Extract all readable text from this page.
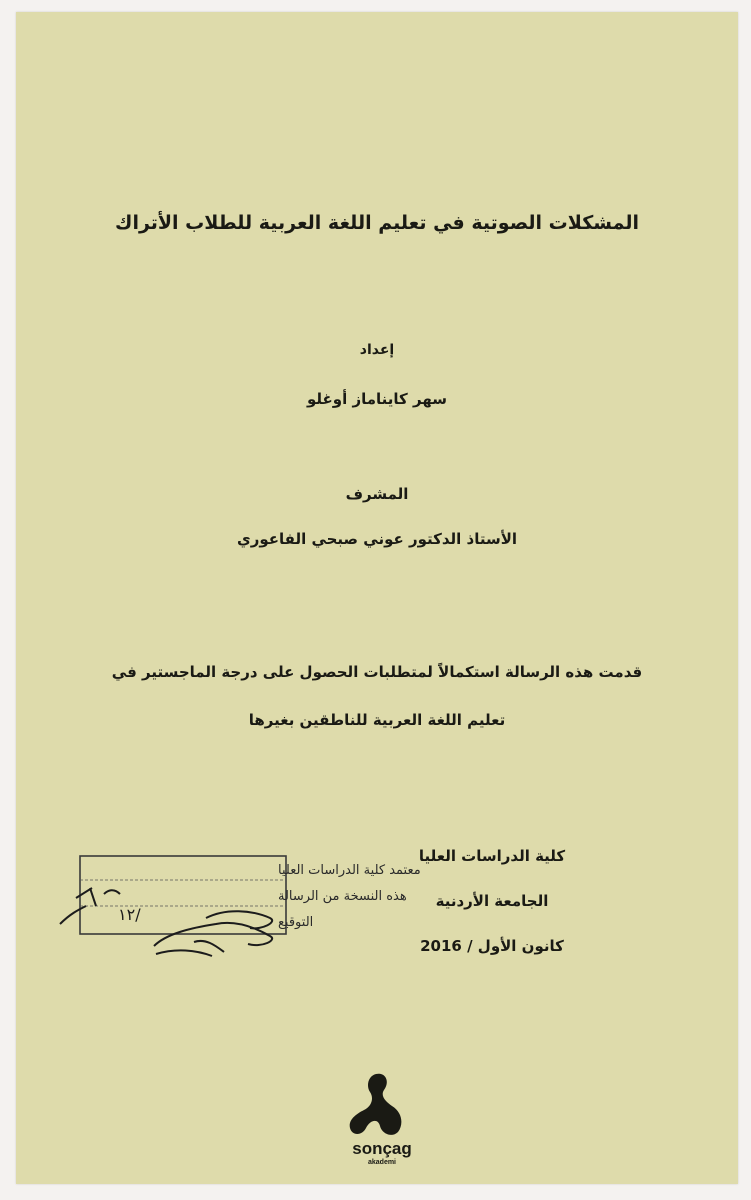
المشكلات الصوتية في تعليم اللغة العربية للطلاب الأتراك
إعداد
سهر كايناماز أوغلو
المشرف
الأستاذ الدكتور عوني صبحي الفاعوري
قدمت هذه الرسالة استكمالاً لمتطلبات الحصول على درجة الماجستير في
تعليم اللغة العربية للناطقين بغيرها
كلية الدراسات العليا
الجامعة الأردنية
كانون الأول / 2016
معتمد كلية الدراسات العليا
هذه النسخة من الرسالة
التوقيع
١٢/
sonçag
akademi
